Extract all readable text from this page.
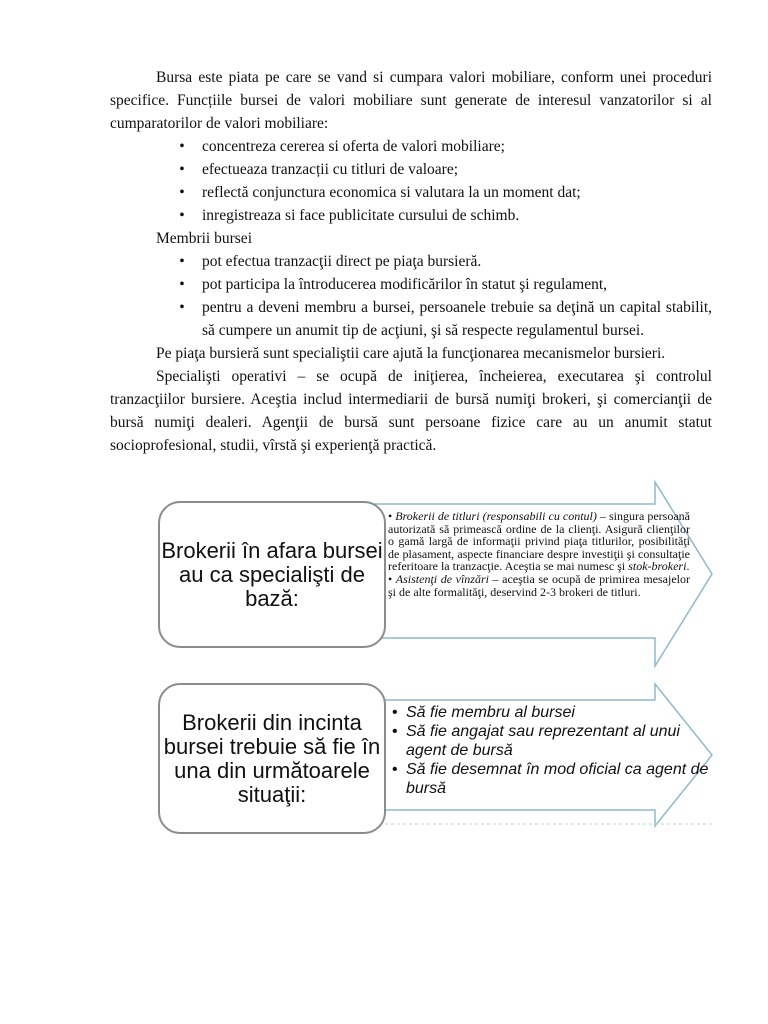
Bursa este piata pe care se vand si cumpara valori mobiliare, conform unei proceduri specifice. Funcțiile bursei de valori mobiliare sunt generate de interesul vanzatorilor si al cumparatorilor de valori mobiliare:

• concentreza cererea si oferta de valori mobiliare;
• efectueaza tranzacții cu titluri de valoare;
• reflectă conjunctura economica si valutara la un moment dat;
• inregistreaza si face publicitate cursului de schimb.

Membrii bursei

• pot efectua tranzacţii direct pe piaţa bursieră.
• pot participa la întroducerea modificărilor în statut şi regulament,
• pentru a deveni membru a bursei, persoanele trebuie sa deţină un capital stabilit, să cumpere un anumit tip de acţiuni, şi să respecte regulamentul bursei.

Pe piaţa bursieră sunt specialiştii care ajută la funcţionarea mecanismelor bursieri.

Specialişti operativi – se ocupă de iniţierea, încheierea, executarea şi controlul tranzacţiilor bursiere. Aceştia includ intermediarii de bursă numiţi brokeri, şi comercianţii de bursă numiţi dealeri. Agenţii de bursă sunt persoane fizice care au un anumit statut socioprofesional, studii, vîrstă şi experienţă practică.

Brokerii în afara bursei au ca specialişti de bază:

• Brokerii de titluri (responsabili cu contul) – singura persoană autorizată să primească ordine de la clienţi. Asigură clienţilor o gamă largă de informaţii privind piaţa titlurilor, posibilităţi de plasament, aspecte financiare despre investiţii şi consultaţie referitoare la tranzacţie. Aceştia se mai numesc şi stok-brokeri.

• Asistenţi de vînzări – aceştia se ocupă de primirea mesajelor şi de alte formalităţi, deservind 2-3 brokeri de titluri.

Brokerii din incinta bursei trebuie să fie în una din următoarele situaţii:
• Să fie membru al bursei
• Să fie angajat sau reprezentant al unui agent de bursă
• Să fie desemnat în mod oficial ca agent de bursă
